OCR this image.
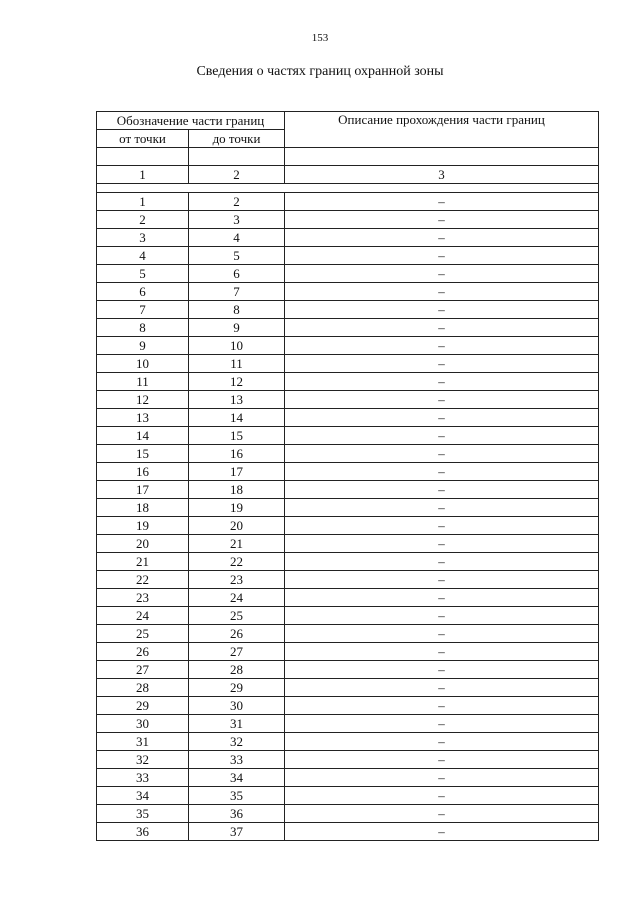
153
Сведения о частях границ охранной зоны
Обозначение части границ		Описание прохождения части границ
от точки	до точки	

1	2	3

1	2	–
2	3	–
3	4	–
4	5	–
5	6	–
6	7	–
7	8	–
8	9	–
9	10	–
10	11	–
11	12	–
12	13	–
13	14	–
14	15	–
15	16	–
16	17	–
17	18	–
18	19	–
19	20	–
20	21	–
21	22	–
22	23	–
23	24	–
24	25	–
25	26	–
26	27	–
27	28	–
28	29	–
29	30	–
30	31	–
31	32	–
32	33	–
33	34	–
34	35	–
35	36	–
36	37	–
